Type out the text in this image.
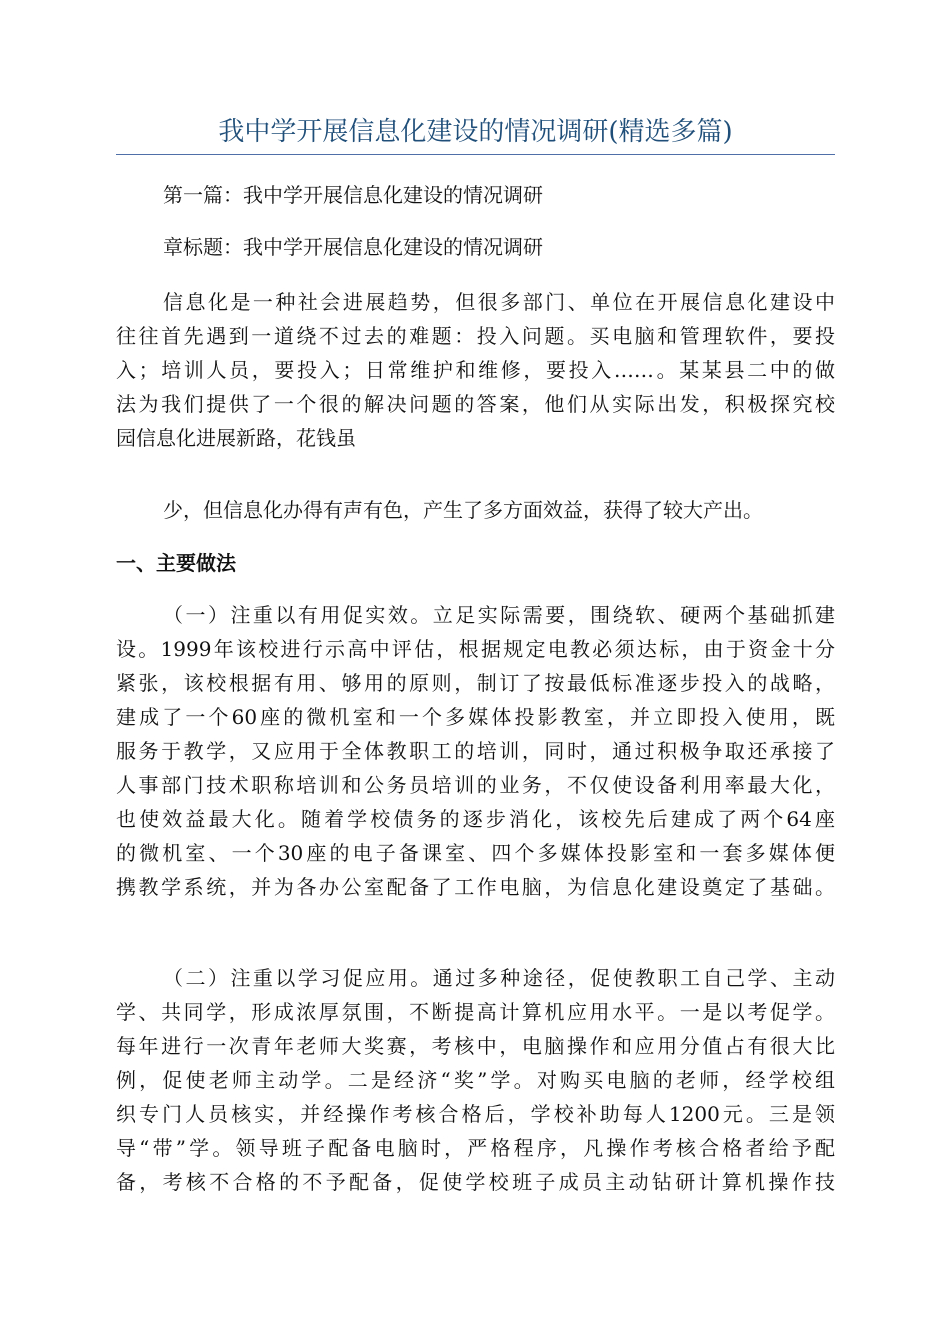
我中学开展信息化建设的情况调研(精选多篇)
第一篇：我中学开展信息化建设的情况调研
章标题：我中学开展信息化建设的情况调研
信息化是一种社会进展趋势，但很多部门、单位在开展信息化建设中
往往首先遇到一道绕不过去的难题：投入问题。买电脑和管理软件，要投
入；培训人员，要投入；日常维护和维修，要投入……。某某县二中的做
法为我们提供了一个很的解决问题的答案，他们从实际出发，积极探究校
园信息化进展新路，花钱虽
少，但信息化办得有声有色，产生了多方面效益，获得了较大产出。
一、主要做法
（一）注重以有用促实效。立足实际需要，围绕软、硬两个基础抓建
设。1999年该校进行示高中评估，根据规定电教必须达标，由于资金十分
紧张，该校根据有用、够用的原则，制订了按最低标准逐步投入的战略，
建成了一个60座的微机室和一个多媒体投影教室，并立即投入使用，既
服务于教学，又应用于全体教职工的培训，同时，通过积极争取还承接了
人事部门技术职称培训和公务员培训的业务，不仅使设备利用率最大化，
也使效益最大化。随着学校债务的逐步消化，该校先后建成了两个64座
的微机室、一个30座的电子备课室、四个多媒体投影室和一套多媒体便
携教学系统，并为各办公室配备了工作电脑，为信息化建设奠定了基础。
（二）注重以学习促应用。通过多种途径，促使教职工自己学、主动
学、共同学，形成浓厚氛围，不断提高计算机应用水平。一是以考促学。
每年进行一次青年老师大奖赛，考核中，电脑操作和应用分值占有很大比
例，促使老师主动学。二是经济“奖”学。对购买电脑的老师，经学校组
织专门人员核实，并经操作考核合格后，学校补助每人1200元。三是领
导“带”学。领导班子配备电脑时，严格程序，凡操作考核合格者给予配
备，考核不合格的不予配备，促使学校班子成员主动钻研计算机操作技
